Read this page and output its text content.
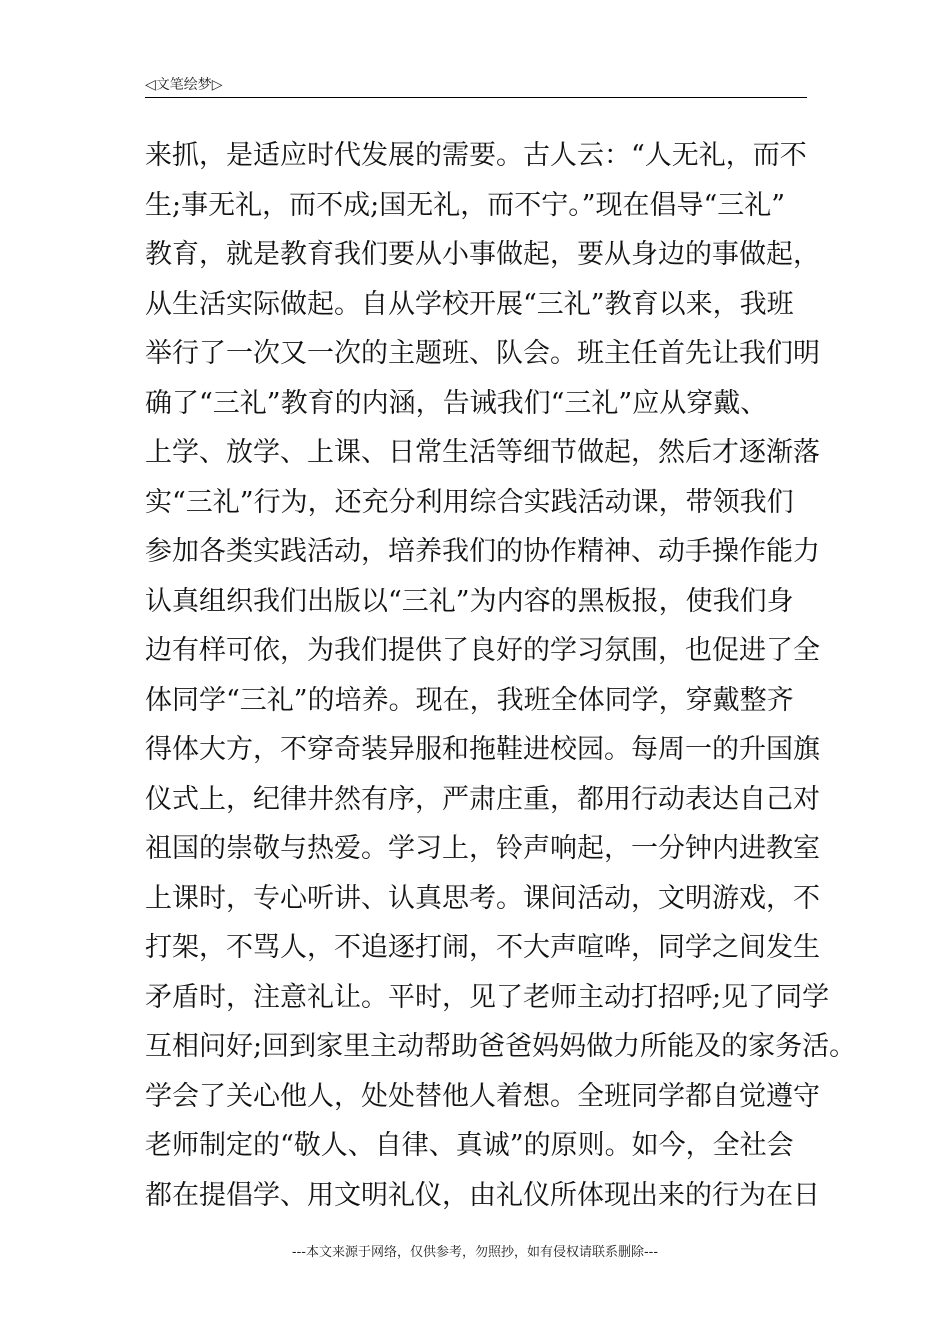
◁文笔绘梦▷
来抓，是适应时代发展的需要。古人云：“人无礼，而不
生;事无礼，而不成;国无礼，而不宁。”现在倡导“三礼”
教育，就是教育我们要从小事做起，要从身边的事做起，
从生活实际做起。自从学校开展“三礼”教育以来，我班
举行了一次又一次的主题班、队会。班主任首先让我们明
确了“三礼”教育的内涵，告诫我们“三礼”应从穿戴、
上学、放学、上课、日常生活等细节做起，然后才逐渐落
实“三礼”行为，还充分利用综合实践活动课，带领我们
参加各类实践活动，培养我们的协作精神、动手操作能力
认真组织我们出版以“三礼”为内容的黑板报，使我们身
边有样可依，为我们提供了良好的学习氛围，也促进了全
体同学“三礼”的培养。现在，我班全体同学，穿戴整齐
得体大方，不穿奇装异服和拖鞋进校园。每周一的升国旗
仪式上，纪律井然有序，严肃庄重，都用行动表达自己对
祖国的崇敬与热爱。学习上，铃声响起，一分钟内进教室
上课时，专心听讲、认真思考。课间活动，文明游戏，不
打架，不骂人，不追逐打闹，不大声喧哗，同学之间发生
矛盾时，注意礼让。平时，见了老师主动打招呼;见了同学
互相问好;回到家里主动帮助爸爸妈妈做力所能及的家务活。
学会了关心他人，处处替他人着想。全班同学都自觉遵守
老师制定的“敬人、自律、真诚”的原则。如今，全社会
都在提倡学、用文明礼仪，由礼仪所体现出来的行为在日
---本文来源于网络，仅供参考，勿照抄，如有侵权请联系删除---
